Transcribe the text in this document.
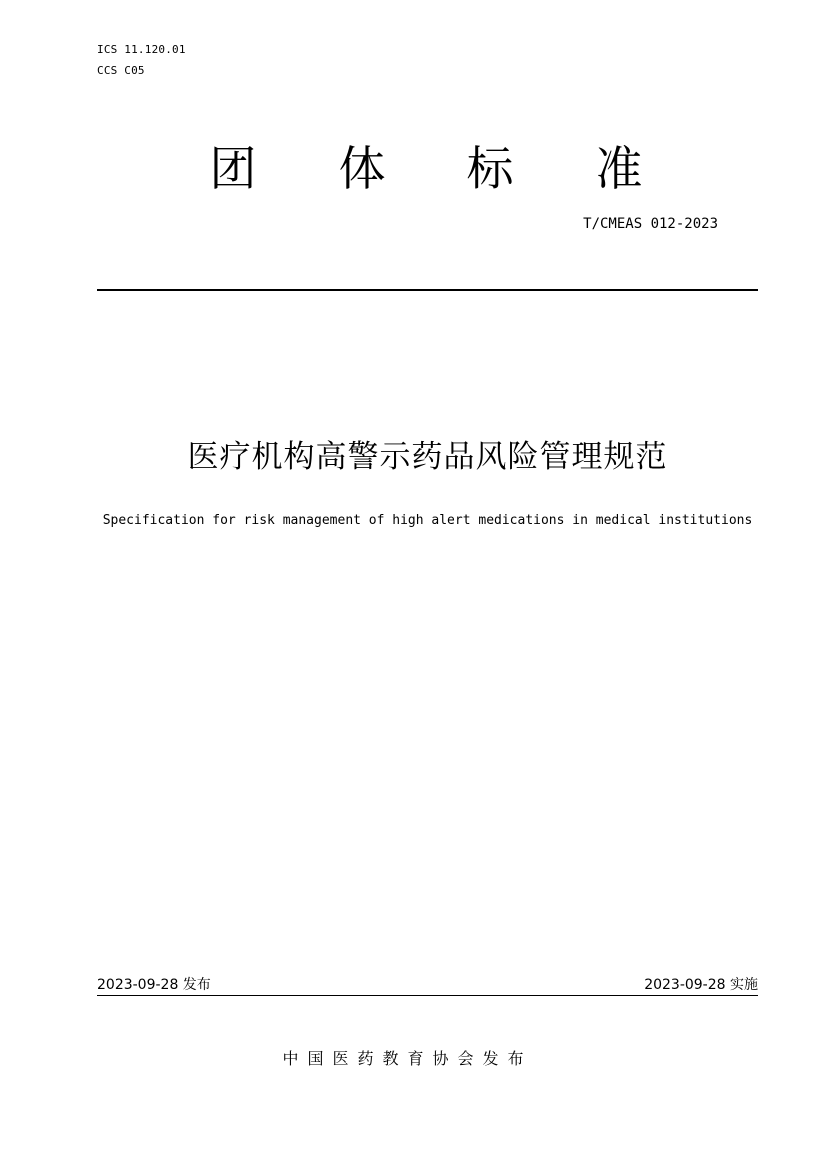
ICS 11.120.01
CCS C05
团 体 标 准
T/CMEAS 012-2023
医疗机构高警示药品风险管理规范
Specification for risk management of high alert medications in medical institutions
2023-09-28 发布	2023-09-28 实施
中国医药教育协会发布
